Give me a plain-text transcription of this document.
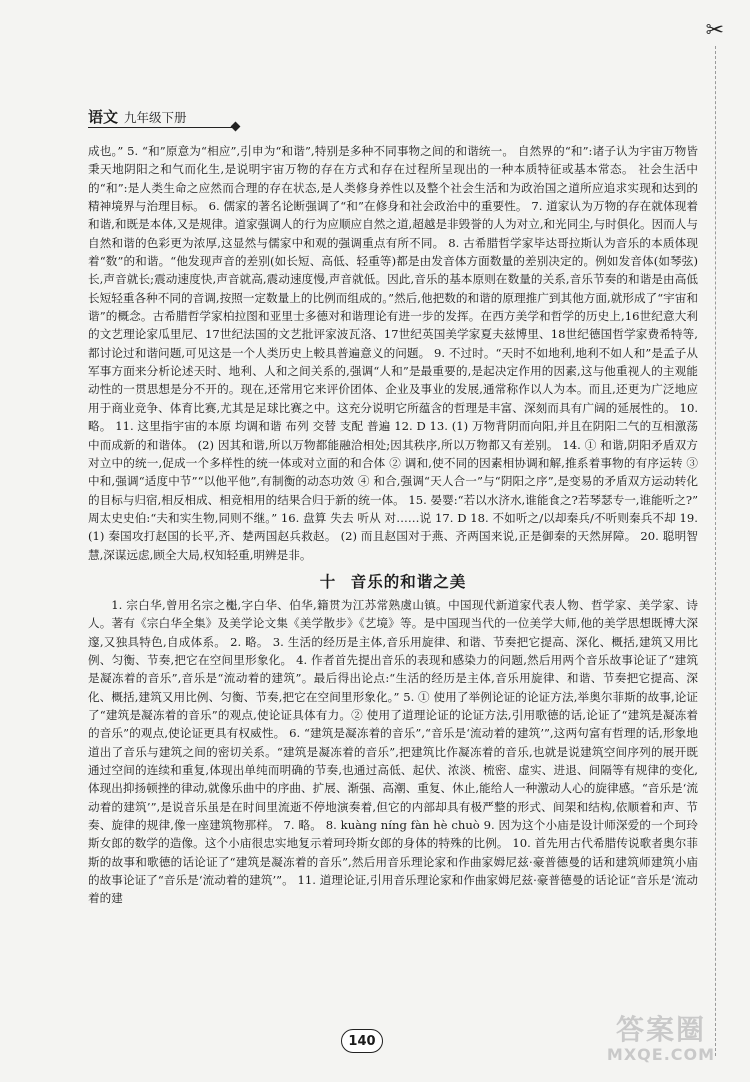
✂
语文 九年级下册

成也。” 5. “和”原意为“相应”,引申为“和谐”,特别是多种不同事物之间的和谐统一。 自然界的“和”:诸子认为宇宙万物皆秉天地阴阳之和气而化生,是说明宇宙万物的存在方式和存在过程所呈现出的一种本质特征或基本常态。 社会生活中的“和”:是人类生命之应然而合理的存在状态,是人类修身养性以及整个社会生活和为政治国之道所应追求实现和达到的精神境界与治理目标。 6. 儒家的著名论断强调了“和”在修身和社会政治中的重要性。 7. 道家认为万物的存在就体现着和谐,和既是本体,又是规律。道家强调人的行为应顺应自然之道,超越是非毁誉的人为对立,和光同尘,与时俱化。因而人与自然和谐的色彩更为浓厚,这显然与儒家中和观的强调重点有所不同。 8. 古希腊哲学家毕达哥拉斯认为音乐的本质体现着“数”的和谐。“他发现声音的差别(如长短、高低、轻重等)都是由发音体方面数量的差别决定的。例如发音体(如琴弦)长,声音就长;震动速度快,声音就高,震动速度慢,声音就低。因此,音乐的基本原则在数量的关系,音乐节奏的和谐是由高低长短轻重各种不同的音调,按照一定数量上的比例而组成的。”然后,他把数的和谐的原理推广到其他方面,就形成了“宇宙和谐”的概念。古希腊哲学家柏拉图和亚里士多德对和谐理论有进一步的发挥。在西方美学和哲学的历史上,16世纪意大利的文艺理论家瓜里尼、17世纪法国的文艺批评家波瓦洛、17世纪英国美学家夏夫兹博里、18世纪德国哲学家费希特等,都讨论过和谐问题,可见这是一个人类历史上較具普遍意义的问题。 9. 不过时。“天时不如地利,地利不如人和”是孟子从军事方面来分析论述天时、地利、人和之间关系的,强调“人和”是最重要的,是起决定作用的因素,这与他重视人的主观能动性的一贯思想是分不开的。现在,还常用它来评价团体、企业及事业的发展,通常称作以人为本。而且,还更为广泛地应用于商业竞争、体育比赛,尤其是足球比赛之中。这充分说明它所蕴含的哲理是丰富、深刻而具有广阔的延展性的。 10. 略。 11. 这里指宇宙的本原 均调和谐 布列 交替 支配 普遍 12. D 13. (1) 万物背阴而向阳,并且在阴阳二气的互相激荡中而成新的和谐体。 (2) 因其和谐,所以万物都能融洽相处;因其秩序,所以万物都又有差别。 14. ① 和谐,阴阳矛盾双方对立中的统一,促成一个多样性的统一体或对立面的和合体 ② 调和,使不同的因素相协调和解,推系着事物的有序运转 ③ 中和,强调“适度中节”“以他平他”,有制衡的动态功效 ④ 和合,强调“天人合一”与“阴阳之序”,是变易的矛盾双方运动转化的目标与归宿,相反相成、相竞相用的结果合归于新的统一体。 15. 晏婴:“若以水济水,谁能食之?若琴瑟专一,谁能听之?” 周太史史伯:“夫和实生物,同则不继。” 16. 盘算 失去 听从 对……说 17. D 18. 不如听之/以却秦兵/不听则秦兵不却 19. (1) 秦国攻打赵国的长平,齐、楚两国赵兵救赵。 (2) 而且赵国对于燕、齐两国来说,正是御秦的天然屏障。 20. 聪明智慧,深谋远虑,顾全大局,权知轻重,明辨是非。

十 音乐的和谐之美

1. 宗白华,曾用名宗之櫆,字白华、伯华,籍贯为江苏常熟虞山镇。中国现代新道家代表人物、哲学家、美学家、诗人。著有《宗白华全集》及美学论文集《美学散步》《艺境》等。是中国现当代的一位美学大师,他的美学思想既博大深邃,又独具特色,自成体系。 2. 略。 3. 生活的经历是主体,音乐用旋律、和谐、节奏把它提高、深化、概括,建筑又用比例、匀衡、节奏,把它在空间里形象化。 4. 作者首先提出音乐的表现和感染力的问题,然后用两个音乐故事论证了“建筑是凝冻着的音乐”,音乐是“流动着的建筑”。最后得出论点:“生活的经历是主体,音乐用旋律、和谐、节奏把它提高、深化、概括,建筑又用比例、匀衡、节奏,把它在空间里形象化。” 5. ① 使用了举例论证的论证方法,举奥尔菲斯的故事,论证了“建筑是凝冻着的音乐”的观点,使论证具体有力。② 使用了道理论证的论证方法,引用歌德的话,论证了“建筑是凝冻着的音乐”的观点,使论证更具有权威性。 6. “建筑是凝冻着的音乐”,“音乐是‘流动着的建筑’”,这两句富有哲理的话,形象地道出了音乐与建筑之间的密切关系。“建筑是凝冻着的音乐”,把建筑比作凝冻着的音乐,也就是说建筑空间序列的展开既通过空间的连续和重复,体现出单纯而明确的节奏,也通过高低、起伏、浓淡、梳密、虚实、进退、间隔等有规律的变化,体现出抑扬顿挫的律动,就像乐曲中的序曲、扩展、渐强、高潮、重复、休止,能给人一种激动人心的旋律感。“音乐是‘流动着的建筑’”,是说音乐虽是在时间里流逝不停地演奏着,但它的内部却具有极严整的形式、间架和结构,依顺着和声、节奏、旋律的规律,像一座建筑物那样。 7. 略。 8. kuàng níng fàn hè chuò 9. 因为这个小庙是设计师深爱的一个珂玲斯女郎的数学的造像。这个小庙很忠实地复示着珂玲斯女郎的身体的特殊的比例。 10. 首先用古代希腊传说歌者奥尔菲斯的故事和歌德的话论证了“建筑是凝冻着的音乐”,然后用音乐理论家和作曲家姆尼兹·豪普德曼的话和建筑师建筑小庙的故事论证了“音乐是‘流动着的建筑’”。 11. 道理论证,引用音乐理论家和作曲家姆尼兹·豪普德曼的话论证“音乐是‘流动着的建

140	答案圈
MXQE.COM
